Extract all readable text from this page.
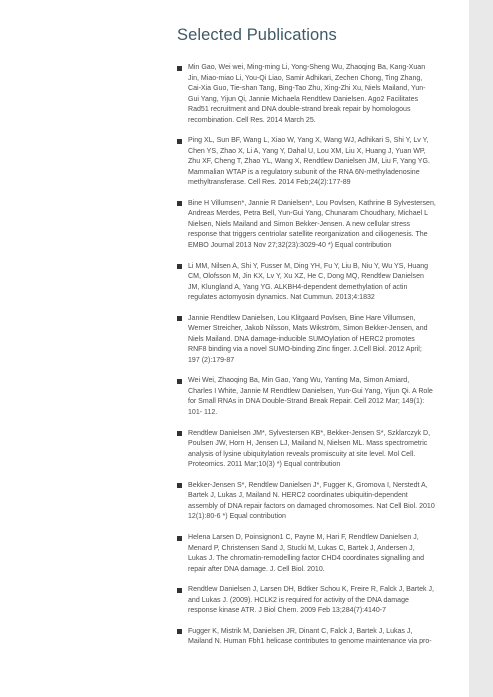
Selected Publications
Min Gao, Wei wei, Ming-ming Li, Yong-Sheng Wu, Zhaoqing Ba, Kang-Xuan
Jin, Miao-miao Li, You-Qi Liao, Samir Adhikari, Zechen Chong, Ting Zhang,
Cai-Xia Guo, Tie-shan Tang, Bing-Tao Zhu, Xing-Zhi Xu, Niels Mailand, Yun-
Gui Yang, Yijun Qi, Jannie Michaela Rendtlew Danielsen. Ago2 Facilitates
Rad51 recruitment and DNA double-strand break repair by homologous
recombination. Cell Res. 2014 March 25.
Ping XL, Sun BF, Wang L, Xiao W, Yang X, Wang WJ, Adhikari S, Shi Y, Lv Y,
Chen YS, Zhao X, Li A, Yang Y, Dahal U, Lou XM, Liu X, Huang J, Yuan WP,
Zhu XF, Cheng T, Zhao YL, Wang X, Rendtlew Danielsen JM, Liu F, Yang YG.
Mammalian WTAP is a regulatory subunit of the RNA 6N-methyladenosine
methyltransferase. Cell Res. 2014 Feb;24(2):177-89
Bine H Villumsen*, Jannie R Danielsen*, Lou Povlsen, Kathrine B Sylvestersen,
Andreas Merdes, Petra Bell, Yun-Gui Yang, Chunaram Choudhary, Michael L
Nielsen, Niels Mailand and Simon Bekker-Jensen. A new cellular stress
response that triggers centriolar satellite reorganization and ciliogenesis. The
EMBO Journal 2013 Nov 27;32(23):3029-40 *) Equal contribution
Li MM, Nilsen A, Shi Y, Fusser M, Ding YH, Fu Y, Liu B, Niu Y, Wu YS, Huang
CM, Olofsson M, Jin KX, Lv Y, Xu XZ, He C, Dong MQ, Rendtlew Danielsen
JM, Klungland A, Yang YG. ALKBH4-dependent demethylation of actin
regulates actomyosin dynamics. Nat Cummun. 2013;4:1832
Jannie Rendtlew Danielsen, Lou Klitgaard Povlsen, Bine Hare Villumsen,
Werner Streicher, Jakob Nilsson, Mats Wikström, Simon Bekker-Jensen, and
Niels Mailand. DNA damage-inducible SUMOylation of HERC2 promotes
RNF8 binding via a novel SUMO-binding Zinc finger. J.Cell Biol. 2012 April;
197 (2):179-87
Wei Wei, Zhaoqing Ba, Min Gao, Yang Wu, Yanting Ma, Simon Amiard,
Charles I White, Jannie M Rendtlew Danielsen, Yun-Gui Yang, Yijun Qi. A Role
for Small RNAs in DNA Double-Strand Break Repair. Cell 2012 Mar; 149(1):
101- 112.
Rendtlew Danielsen JM*, Sylvestersen KB*, Bekker-Jensen S*, Szklarczyk D,
Poulsen JW, Horn H, Jensen LJ, Mailand N, Nielsen ML. Mass spectrometric
analysis of lysine ubiquitylation reveals promiscuity at site level. Mol Cell.
Proteomics. 2011 Mar;10(3) *) Equal contribution
Bekker-Jensen S*, Rendtlew Danielsen J*, Fugger K, Gromova I, Nerstedt A,
Bartek J, Lukas J, Mailand N. HERC2 coordinates ubiquitin-dependent
assembly of DNA repair factors on damaged chromosomes. Nat Cell Biol. 2010
12(1):80-6 *) Equal contribution
Helena Larsen D, Poinsignon1 C, Payne M, Hari F, Rendtlew Danielsen J,
Menard P, Christensen Sand J, Stucki M, Lukas C, Bartek J, Andersen J,
Lukas J. The chromatin-remodelling factor CHD4 coordinates signalling and
repair after DNA damage. J. Cell Biol. 2010.
Rendtlew Danielsen J, Larsen DH, Bdtker Schou K, Freire R, Falck J, Bartek J,
and Lukas J. (2009). HCLK2 is required for activity of the DNA damage
response kinase ATR. J Biol Chem. 2009 Feb 13;284(7):4140-7
Fugger K, Mistrik M, Danielsen JR, Dinant C, Falck J, Bartek J, Lukas J,
Mailand N. Human Fbh1 helicase contributes to genome maintenance via pro-
